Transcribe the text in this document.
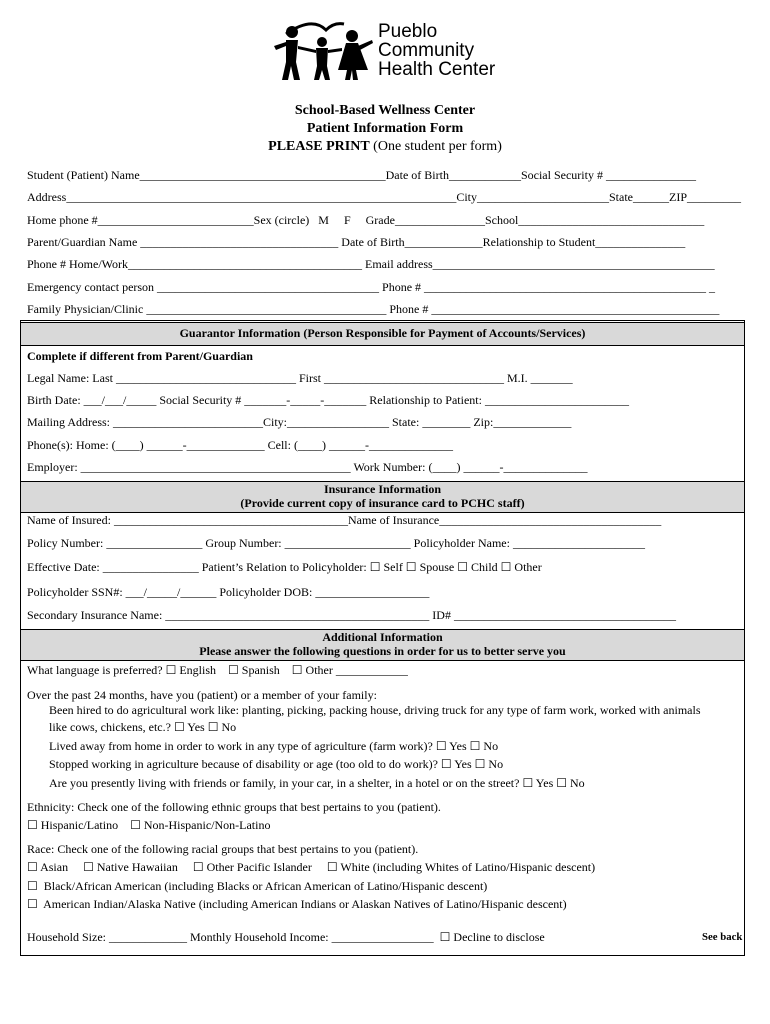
Pueblo
Community
Health Center
School-Based Wellness Center
Patient Information Form
PLEASE PRINT (One student per form)
Student (Patient) Name_________________________________________Date of Birth____________Social Security # _______________
Address_________________________________________________________________City______________________State______ZIP_________
Home phone #__________________________Sex (circle)   M     F     Grade_______________School_______________________________
Parent/Guardian Name _________________________________ Date of Birth_____________Relationship to Student_______________
Phone # Home/Work_______________________________________ Email address_______________________________________________
Emergency contact person _____________________________________ Phone # _______________________________________________ _
Family Physician/Clinic ________________________________________ Phone # ________________________________________________
Guarantor Information (Person Responsible for Payment of Accounts/Services)
Complete if different from Parent/Guardian
Legal Name: Last ______________________________ First ______________________________ M.I. _______
Birth Date: ___/___/_____ Social Security # _______-_____-_______ Relationship to Patient: ________________________
Mailing Address: _________________________City:_________________ State: ________ Zip:_____________
Phone(s): Home: (____) ______-_____________ Cell: (____) ______-______________
Employer: _____________________________________________ Work Number: (____) ______-______________
Insurance Information
(Provide current copy of insurance card to PCHC staff)
Name of Insured: _______________________________________Name of Insurance_____________________________________
Policy Number: ________________ Group Number: _____________________ Policyholder Name: ______________________
Effective Date: ________________ Patient’s Relation to Policyholder: ☐ Self ☐ Spouse ☐ Child ☐ Other
Policyholder SSN#: ___/_____/______ Policyholder DOB: ___________________
Secondary Insurance Name: ____________________________________________ ID# _____________________________________
Additional Information
Please answer the following questions in order for us to better serve you
What language is preferred? ☐ English    ☐ Spanish    ☐ Other ____________
Over the past 24 months, have you (patient) or a member of your family:
Been hired to do agricultural work like: planting, picking, packing house, driving truck for any type of farm work, worked with animals
like cows, chickens, etc.? ☐ Yes ☐ No
Lived away from home in order to work in any type of agriculture (farm work)? ☐ Yes ☐ No
Stopped working in agriculture because of disability or age (too old to do work)? ☐ Yes ☐ No
Are you presently living with friends or family, in your car, in a shelter, in a hotel or on the street? ☐ Yes ☐ No
Ethnicity: Check one of the following ethnic groups that best pertains to you (patient).
☐ Hispanic/Latino    ☐ Non-Hispanic/Non-Latino
Race: Check one of the following racial groups that best pertains to you (patient).
☐ Asian     ☐ Native Hawaiian     ☐ Other Pacific Islander     ☐ White (including Whites of Latino/Hispanic descent)
☐  Black/African American (including Blacks or African American of Latino/Hispanic descent)
☐  American Indian/Alaska Native (including American Indians or Alaskan Natives of Latino/Hispanic descent)
Household Size: _____________ Monthly Household Income: _________________  ☐ Decline to disclose	See back
